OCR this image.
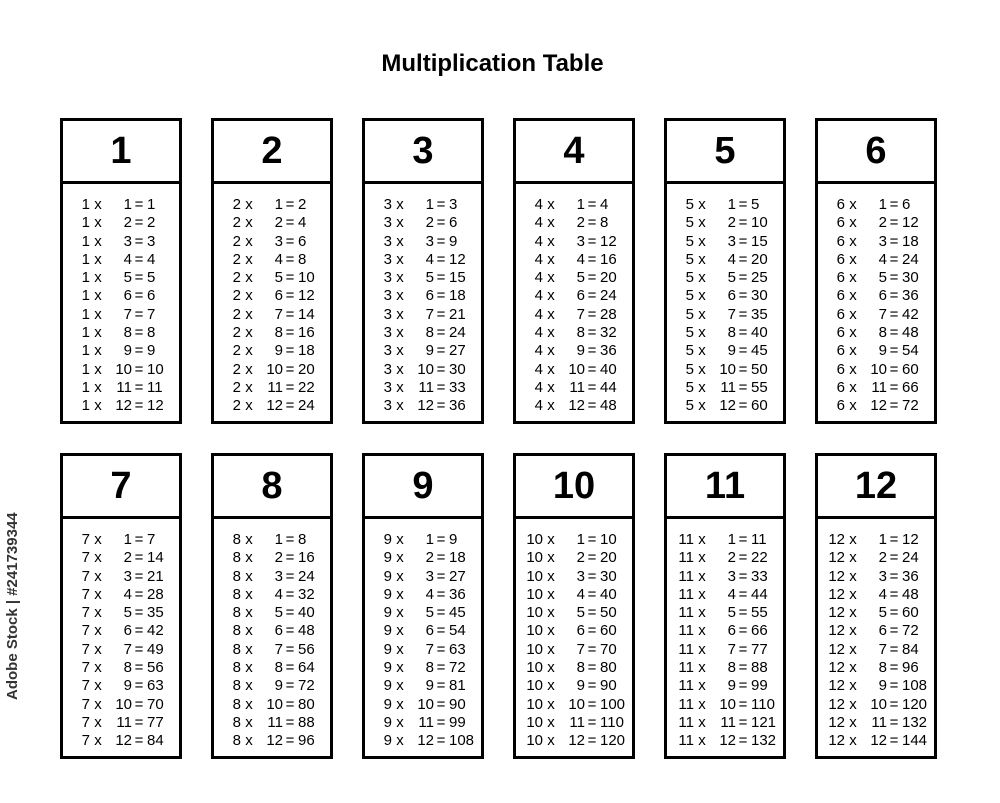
Multiplication Table
1
1 x	1 = 1
1 x	2 = 2
1 x	3 = 3
1 x	4 = 4
1 x	5 = 5
1 x	6 = 6
1 x	7 = 7
1 x	8 = 8
1 x	9 = 9
1 x 10 = 10
1 x 11 = 11
1 x 12 = 12
2
2 x	1 = 2
2 x	2 = 4
2 x	3 = 6
2 x	4 = 8
2 x	5 = 10
2 x	6 = 12
2 x	7 = 14
2 x	8 = 16
2 x	9 = 18
2 x 10 = 20
2 x 11 = 22
2 x 12 = 24
3
3 x	1 = 3
3 x	2 = 6
3 x	3 = 9
3 x	4 = 12
3 x	5 = 15
3 x	6 = 18
3 x	7 = 21
3 x	8 = 24
3 x	9 = 27
3 x 10 = 30
3 x 11 = 33
3 x 12 = 36
4
4 x	1 = 4
4 x	2 = 8
4 x	3 = 12
4 x	4 = 16
4 x	5 = 20
4 x	6 = 24
4 x	7 = 28
4 x	8 = 32
4 x	9 = 36
4 x 10 = 40
4 x 11 = 44
4 x 12 = 48
5
5 x	1 = 5
5 x	2 = 10
5 x	3 = 15
5 x	4 = 20
5 x	5 = 25
5 x	6 = 30
5 x	7 = 35
5 x	8 = 40
5 x	9 = 45
5 x 10 = 50
5 x 11 = 55
5 x 12 = 60
6
6 x	1 = 6
6 x	2 = 12
6 x	3 = 18
6 x	4 = 24
6 x	5 = 30
6 x	6 = 36
6 x	7 = 42
6 x	8 = 48
6 x	9 = 54
6 x 10 = 60
6 x 11 = 66
6 x 12 = 72
7
7 x	1 = 7
7 x	2 = 14
7 x	3 = 21
7 x	4 = 28
7 x	5 = 35
7 x	6 = 42
7 x	7 = 49
7 x	8 = 56
7 x	9 = 63
7 x 10 = 70
7 x 11 = 77
7 x 12 = 84
8
8 x	1 = 8
8 x	2 = 16
8 x	3 = 24
8 x	4 = 32
8 x	5 = 40
8 x	6 = 48
8 x	7 = 56
8 x	8 = 64
8 x	9 = 72
8 x 10 = 80
8 x 11 = 88
8 x 12 = 96
9
9 x	1 = 9
9 x	2 = 18
9 x	3 = 27
9 x	4 = 36
9 x	5 = 45
9 x	6 = 54
9 x	7 = 63
9 x	8 = 72
9 x	9 = 81
9 x 10 = 90
9 x 11 = 99
9 x 12 = 108
10
10 x	1 = 10
10 x	2 = 20
10 x	3 = 30
10 x	4 = 40
10 x	5 = 50
10 x	6 = 60
10 x	7 = 70
10 x	8 = 80
10 x	9 = 90
10 x 10 = 100
10 x 11 = 110
10 x 12 = 120
11
11 x	1 = 11
11 x	2 = 22
11 x	3 = 33
11 x	4 = 44
11 x	5 = 55
11 x	6 = 66
11 x	7 = 77
11 x	8 = 88
11 x	9 = 99
11 x 10 = 110
11 x 11 = 121
11 x 12 = 132
12
12 x	1 = 12
12 x	2 = 24
12 x	3 = 36
12 x	4 = 48
12 x	5 = 60
12 x	6 = 72
12 x	7 = 84
12 x	8 = 96
12 x	9 = 108
12 x 10 = 120
12 x 11 = 132
12 x 12 = 144
Adobe Stock | #241739344
